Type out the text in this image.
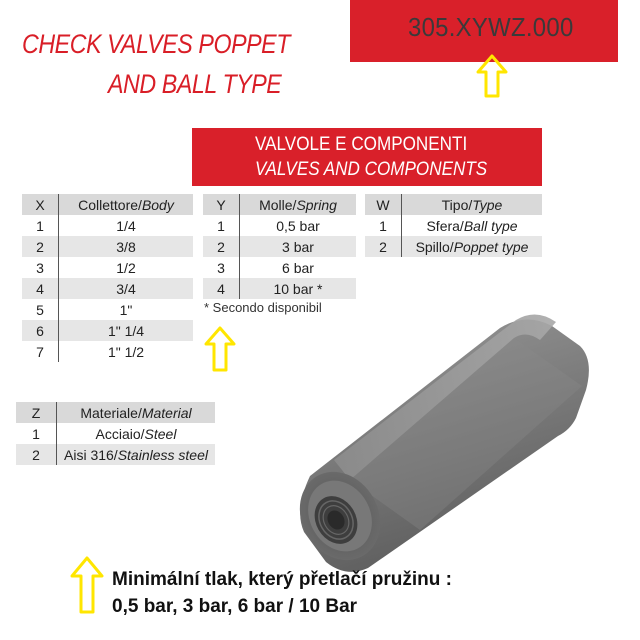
CHECK VALVES POPPET
AND BALL TYPE
305.XYWZ.000
VALVOLE E COMPONENTI
VALVES AND COMPONENTS
X	Collettore/Body
1	1/4
2	3/8
3	1/2
4	3/4
5	1"
6	1" 1/4
7	1" 1/2
Y	Molle/Spring
1	0,5 bar
2	3 bar
3	6 bar
4	10 bar *
* Secondo disponibil
W	Tipo/Type
1	Sfera/Ball type
2	Spillo/Poppet type
Z	Materiale/Material
1	Acciaio/Steel
2	Aisi 316/Stainless steel
Minimální tlak, který přetlačí pružinu :
0,5 bar, 3 bar, 6 bar / 10 Bar
